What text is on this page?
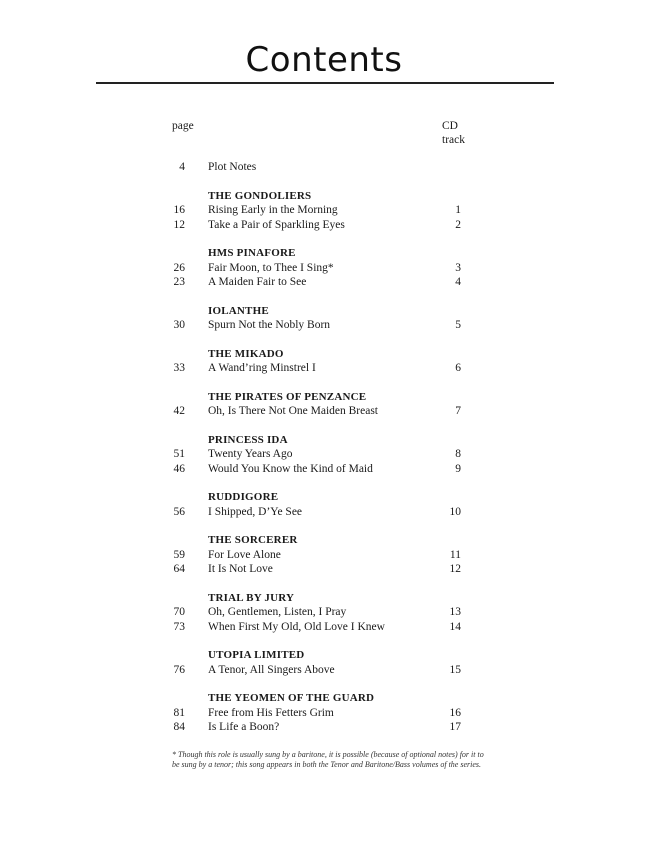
Contents
page	CD
track
4 Plot Notes
THE GONDOLIERS
16 Rising Early in the Morning	1
12 Take a Pair of Sparkling Eyes	2
HMS PINAFORE
26 Fair Moon, to Thee I Sing*	3
23 A Maiden Fair to See	4
IOLANTHE
30 Spurn Not the Nobly Born	5
THE MIKADO
33 A Wand’ring Minstrel I	6
THE PIRATES OF PENZANCE
42 Oh, Is There Not One Maiden Breast	7
PRINCESS IDA
51 Twenty Years Ago	8
46 Would You Know the Kind of Maid	9
RUDDIGORE
56 I Shipped, D’Ye See	10
THE SORCERER
59 For Love Alone	11
64 It Is Not Love	12
TRIAL BY JURY
70 Oh, Gentlemen, Listen, I Pray	13
73 When First My Old, Old Love I Knew	14
UTOPIA LIMITED
76 A Tenor, All Singers Above	15
THE YEOMEN OF THE GUARD
81 Free from His Fetters Grim	16
84 Is Life a Boon?	17
* Though this role is usually sung by a baritone, it is possible (because of optional notes) for it to be sung by a tenor; this song appears in both the Tenor and Baritone/Bass volumes of the series.
